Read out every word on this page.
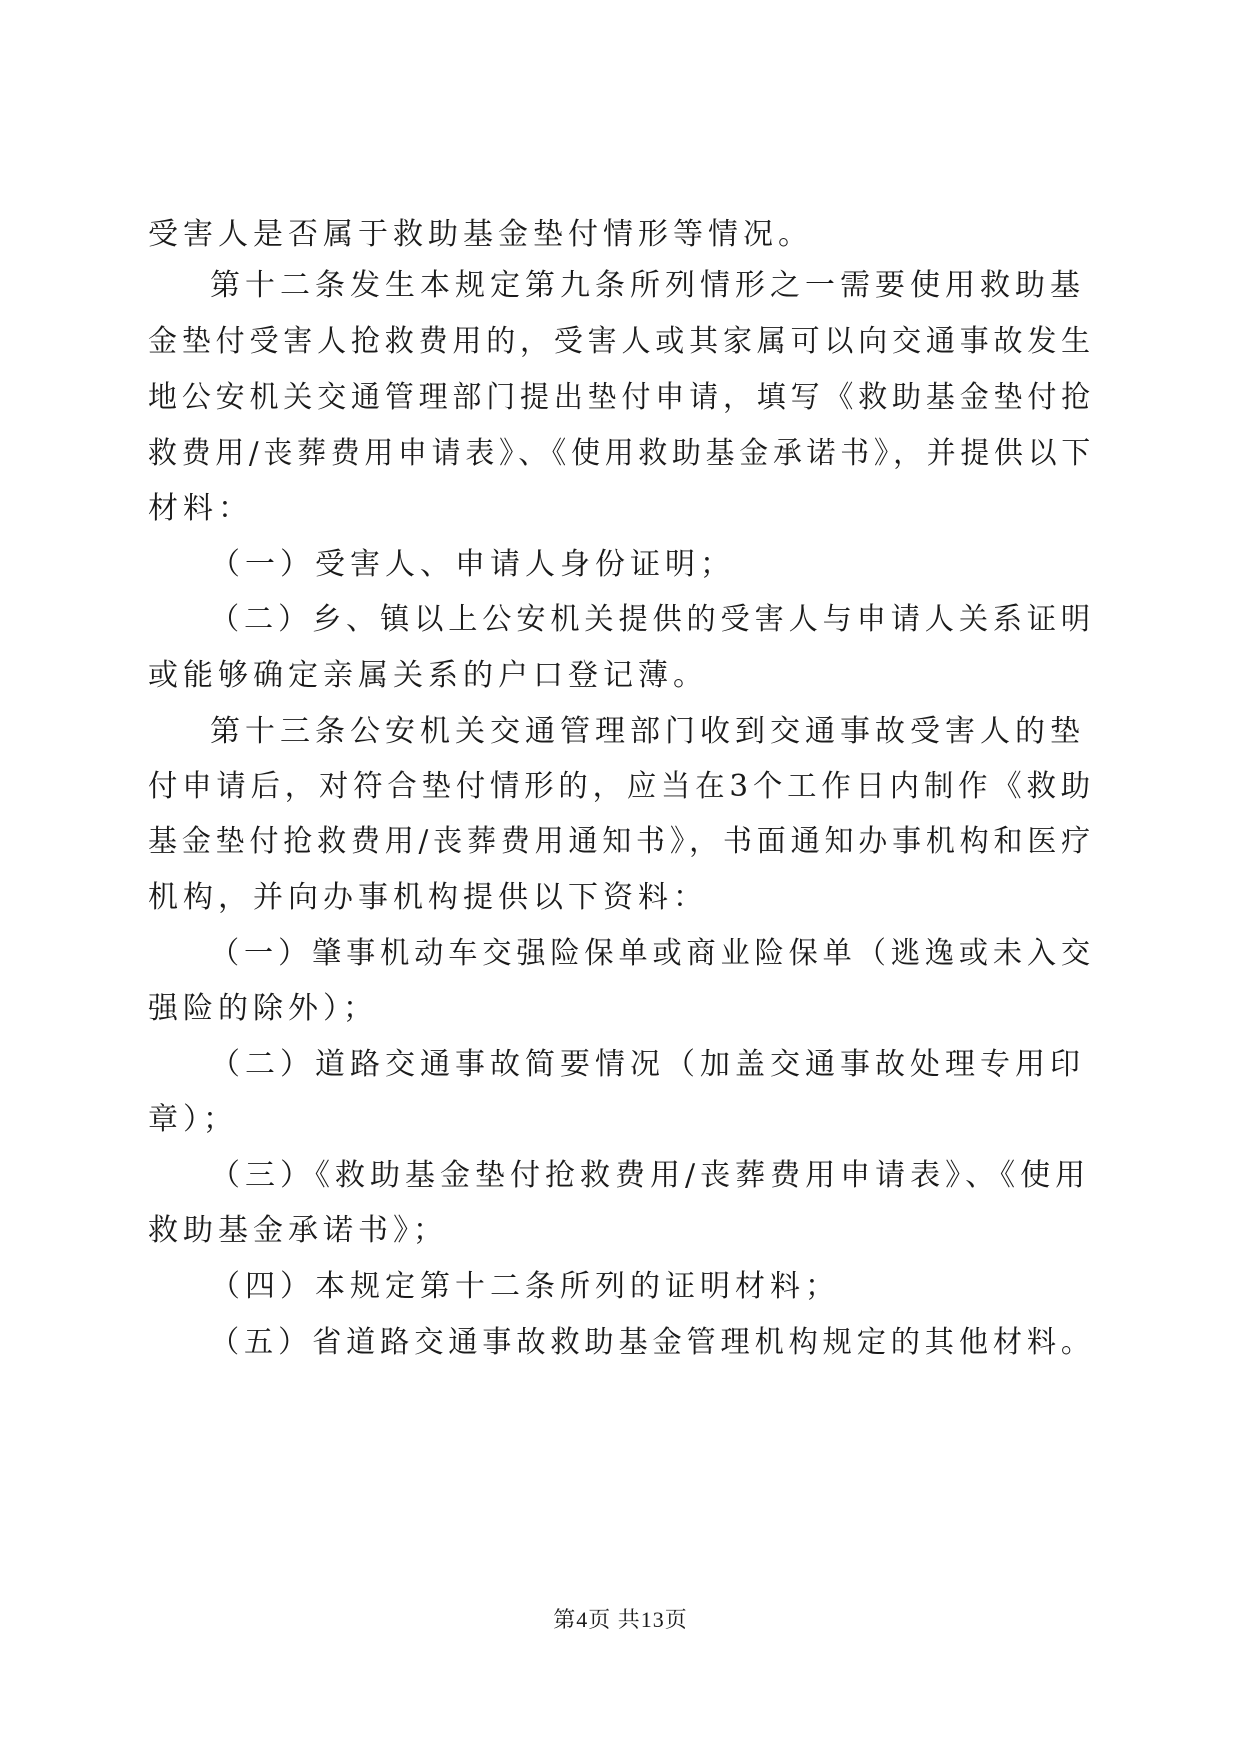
受害人是否属于救助基金垫付情形等情况。
第十二条发生本规定第九条所列情形之一需要使用救助基
金垫付受害人抢救费用的，受害人或其家属可以向交通事故发生
地公安机关交通管理部门提出垫付申请，填写《救助基金垫付抢
救费用/丧葬费用申请表》、《使用救助基金承诺书》，并提供以下
材料：
（一）受害人、申请人身份证明；
（二）乡、镇以上公安机关提供的受害人与申请人关系证明
或能够确定亲属关系的户口登记薄。
第十三条公安机关交通管理部门收到交通事故受害人的垫
付申请后，对符合垫付情形的，应当在3个工作日内制作《救助
基金垫付抢救费用/丧葬费用通知书》，书面通知办事机构和医疗
机构，并向办事机构提供以下资料：
（一）肇事机动车交强险保单或商业险保单（逃逸或未入交
强险的除外）；
（二）道路交通事故简要情况（加盖交通事故处理专用印
章）；
（三）《救助基金垫付抢救费用/丧葬费用申请表》、《使用
救助基金承诺书》；
（四）本规定第十二条所列的证明材料；
（五）省道路交通事故救助基金管理机构规定的其他材料。
第4页 共13页
